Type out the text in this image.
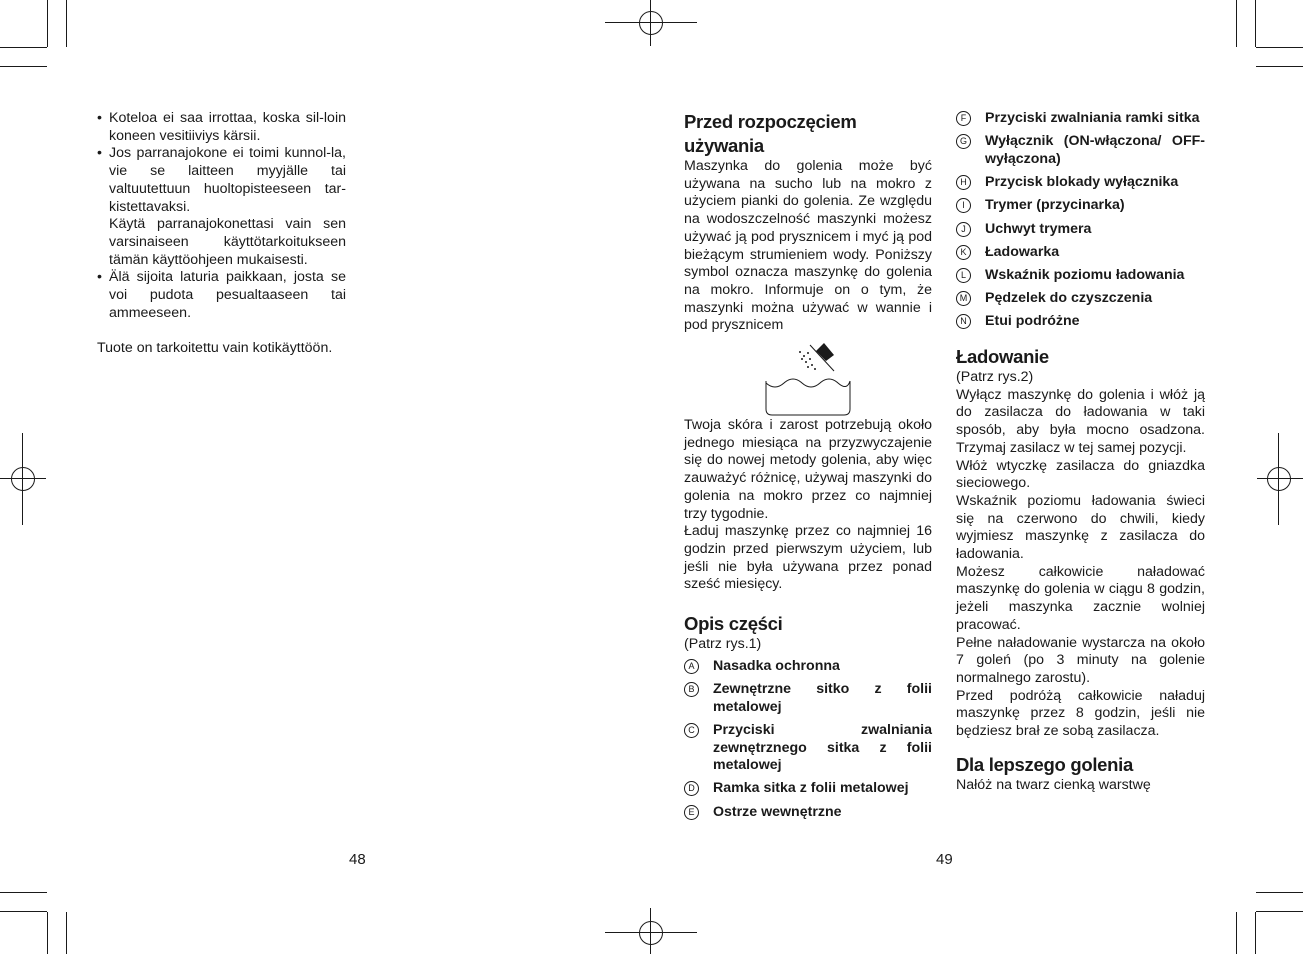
• Koteloa ei saa irrottaa, koska sil-loin koneen vesitiiviys kärsii.
• Jos parranajokone ei toimi kunnol-la, vie se laitteen myyjälle tai valtuutettuun huoltopisteeseen tar-kistettavaksi.

Käytä parranajokonettasi vain sen varsinaiseen käyttötarkoitukseen tämän käyttöohjeen mukaisesti.

• Älä sijoita laturia paikkaan, josta se voi pudota pesualtaaseen tai ammeeseen.

Tuote on tarkoitettu vain kotikäyttöön.

48
Przed rozpoczęciem używania

Maszynka do golenia może być używana na sucho lub na mokro z użyciem pianki do golenia. Ze względu na wodoszczelność maszynki możesz używać ją pod prysznicem i myć ją pod bieżącym strumieniem wody. Poniższy symbol oznacza maszynkę do golenia na mokro. Informuje on o tym, że maszynki można używać w wannie i pod prysznicem

Twoja skóra i zarost potrzebują około jednego miesiąca na przyzwyczajenie się do nowej metody golenia, aby więc zauważyć różnicę, używaj maszynki do golenia na mokro przez co najmniej trzy tygodnie.

Ładuj maszynkę przez co najmniej 16 godzin przed pierwszym użyciem, lub jeśli nie była używana przez ponad sześć miesięcy.

Opis części

(Patrz rys.1)

A	Nasadka ochronna
B	Zewnętrzne sitko z folii metalowej
C Przyciski zwalniania zewnętrznego sitka z folii metalowej
D Ramka sitka z folii metalowej
E	Ostrze wewnętrzne
49
F	Przyciski zwalniania ramki sitka
G Wyłącznik (ON-włączona/ OFF-wyłączona)
H Przycisk blokady wyłącznika
I	Trymer (przycinarka)
J	Uchwyt trymera
K	Ładowarka
L	Wskaźnik poziomu ładowania
M Pędzelek do czyszczenia
N Etui podróżne
Ładowanie

(Patrz rys.2)

Wyłącz maszynkę do golenia i włóż ją do zasilacza do ładowania w taki sposób, aby była mocno osadzona. Trzymaj zasilacz w tej samej pozycji.

Włóż wtyczkę zasilacza do gniazdka sieciowego.

Wskaźnik poziomu ładowania świeci się na czerwono do chwili, kiedy wyjmiesz maszynkę z zasilacza do ładowania.

Możesz całkowicie naładować maszynkę do golenia w ciągu 8 godzin, jeżeli maszynka zacznie wolniej pracować.

Pełne naładowanie wystarcza na około 7 goleń (po 3 minuty na golenie normalnego zarostu).

Przed podróżą całkowicie naładuj maszynkę przez 8 godzin, jeśli nie będziesz brał ze sobą zasilacza.

Dla lepszego golenia

Nałóż na twarz cienką warstwę
